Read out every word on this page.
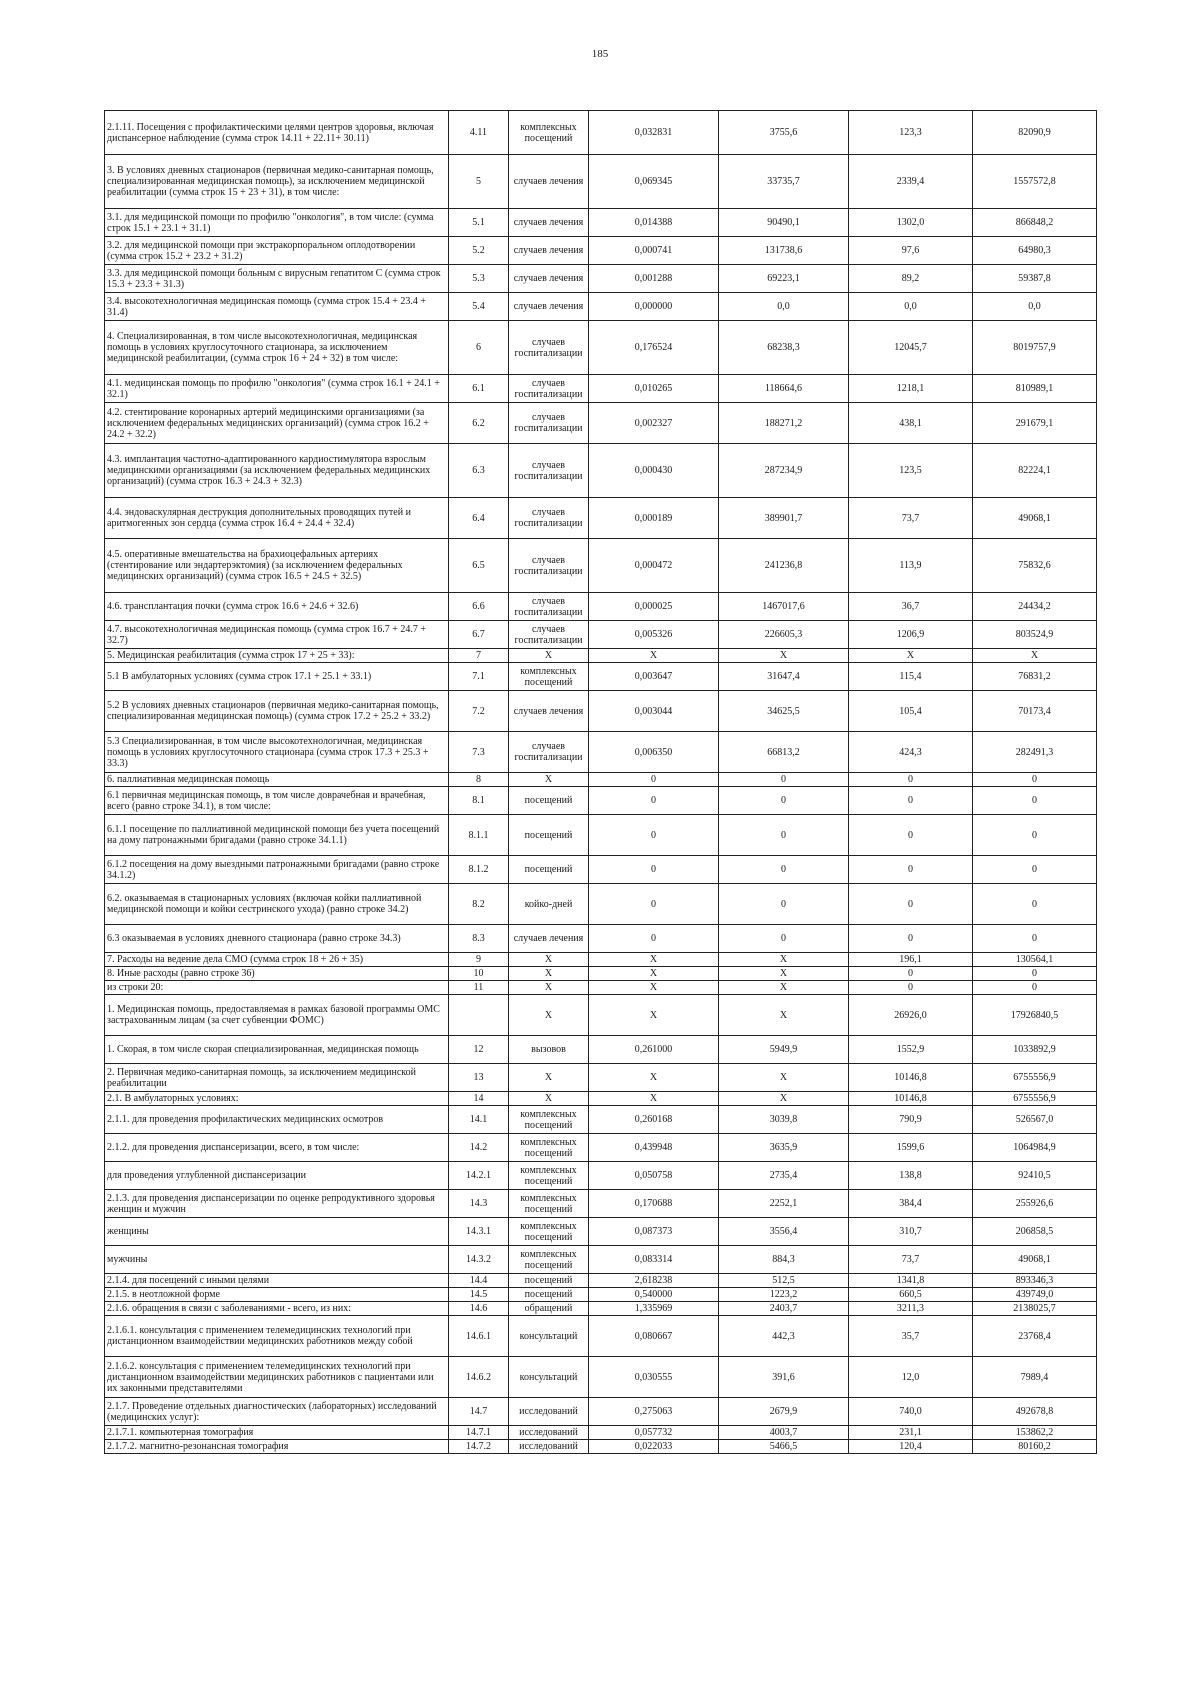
185
2.1.11. Посещения с профилактическими целями центров здоровья, включая диспансерное наблюдение (сумма строк 14.11 + 22.11+ 30.11)	4.11	комплексных посещений	0,032831	3755,6	123,3	82090,9
3. В условиях дневных стационаров (первичная медико-санитарная помощь, специализированная медицинская помощь), за исключением медицинской реабилитации (сумма строк 15 + 23 + 31), в том числе:	5	случаев лечения	0,069345	33735,7	2339,4	1557572,8
3.1. для медицинской помощи по профилю "онкология", в том числе: (сумма строк 15.1 + 23.1 + 31.1)	5.1	случаев лечения	0,014388	90490,1	1302,0	866848,2
3.2. для медицинской помощи при экстракорпоральном оплодотворении (сумма строк 15.2 + 23.2 + 31.2)	5.2	случаев лечения	0,000741	131738,6	97,6	64980,3
3.3. для медицинской помощи больным с вирусным гепатитом С (сумма строк 15.3 + 23.3 + 31.3)	5.3	случаев лечения	0,001288	69223,1	89,2	59387,8
3.4. высокотехнологичная медицинская помощь (сумма строк 15.4 + 23.4 + 31.4)	5.4	случаев лечения	0,000000	0,0	0,0	0,0
4. Специализированная, в том числе высокотехнологичная, медицинская помощь в условиях круглосуточного стационара, за исключением медицинской реабилитации, (сумма строк 16 + 24 + 32) в том числе:	6	случаев госпитализации	0,176524	68238,3	12045,7	8019757,9
4.1. медицинская помощь по профилю "онкология" (сумма строк 16.1 + 24.1 + 32.1)	6.1	случаев госпитализации	0,010265	118664,6	1218,1	810989,1
4.2. стентирование коронарных артерий медицинскими организациями (за исключением федеральных медицинских организаций) (сумма строк 16.2 + 24.2 + 32.2)	6.2	случаев госпитализации	0,002327	188271,2	438,1	291679,1
4.3. имплантация частотно-адаптированного кардиостимулятора взрослым медицинскими организациями (за исключением федеральных медицинских организаций) (сумма строк 16.3 + 24.3 + 32.3)	6.3	случаев госпитализации	0,000430	287234,9	123,5	82224,1
4.4. эндоваскулярная деструкция дополнительных проводящих путей и аритмогенных зон сердца (сумма строк 16.4 + 24.4 + 32.4)	6.4	случаев госпитализации	0,000189	389901,7	73,7	49068,1
4.5. оперативные вмешательства на брахиоцефальных артериях (стентирование или эндартерэктомия) (за исключением федеральных медицинских организаций) (сумма строк 16.5 + 24.5 + 32.5)	6.5	случаев госпитализации	0,000472	241236,8	113,9	75832,6
4.6. трансплантация почки (сумма строк 16.6 + 24.6 + 32.6)	6.6	случаев госпитализации	0,000025	1467017,6	36,7	24434,2
4.7. высокотехнологичная медицинская помощь (сумма строк 16.7 + 24.7 + 32.7)	6.7	случаев госпитализации	0,005326	226605,3	1206,9	803524,9
5. Медицинская реабилитация (сумма строк 17 + 25 + 33):	7	X	X	X	X	X
5.1 В амбулаторных условиях (сумма строк 17.1 + 25.1 + 33.1)	7.1	комплексных посещений	0,003647	31647,4	115,4	76831,2
5.2 В условиях дневных стационаров (первичная медико-санитарная помощь, специализированная медицинская помощь) (сумма строк 17.2 + 25.2 + 33.2)	7.2	случаев лечения	0,003044	34625,5	105,4	70173,4
5.3 Специализированная, в том числе высокотехнологичная, медицинская помощь в условиях круглосуточного стационара (сумма строк 17.3 + 25.3 + 33.3)	7.3	случаев госпитализации	0,006350	66813,2	424,3	282491,3
6. паллиативная медицинская помощь	8	X	0	0	0	0
6.1 первичная медицинская помощь, в том числе доврачебная и врачебная, всего (равно строке 34.1), в том числе:	8.1	посещений	0	0	0	0
6.1.1 посещение по паллиативной медицинской помощи без учета посещений на дому патронажными бригадами (равно строке 34.1.1)	8.1.1	посещений	0	0	0	0
6.1.2 посещения на дому выездными патронажными бригадами (равно строке 34.1.2)	8.1.2	посещений	0	0	0	0
6.2. оказываемая в стационарных условиях (включая койки паллиативной медицинской помощи и койки сестринского ухода) (равно строке 34.2)	8.2	койко-дней	0	0	0	0
6.3 оказываемая в условиях дневного стационара (равно строке 34.3)	8.3	случаев лечения	0	0	0	0
7. Расходы на ведение дела СМО (сумма строк 18 + 26 + 35)	9	X	X	X	196,1	130564,1
8. Иные расходы (равно строке 36)	10	X	X	X	0	0
из строки 20:	11	X	X	X	0	0
1. Медицинская помощь, предоставляемая в рамках базовой программы ОМС застрахованным лицам (за счет субвенции ФОМС)		X	X	X	26926,0	17926840,5
1. Скорая, в том числе скорая специализированная, медицинская помощь	12	вызовов	0,261000	5949,9	1552,9	1033892,9
2. Первичная медико-санитарная помощь, за исключением медицинской реабилитации	13	X	X	X	10146,8	6755556,9
2.1. В амбулаторных условиях:	14	X	X	X	10146,8	6755556,9
2.1.1. для проведения профилактических медицинских осмотров	14.1	комплексных посещений	0,260168	3039,8	790,9	526567,0
2.1.2. для проведения диспансеризации, всего, в том числе:	14.2	комплексных посещений	0,439948	3635,9	1599,6	1064984,9
для проведения углубленной диспансеризации	14.2.1	комплексных посещений	0,050758	2735,4	138,8	92410,5
2.1.3. для проведения диспансеризации по оценке репродуктивного здоровья женщин и мужчин	14.3	комплексных посещений	0,170688	2252,1	384,4	255926,6
женщины	14.3.1	комплексных посещений	0,087373	3556,4	310,7	206858,5
мужчины	14.3.2	комплексных посещений	0,083314	884,3	73,7	49068,1
2.1.4. для посещений с иными целями	14.4	посещений	2,618238	512,5	1341,8	893346,3
2.1.5. в неотложной форме	14.5	посещений	0,540000	1223,2	660,5	439749,0
2.1.6. обращения в связи с заболеваниями - всего, из них:	14.6	обращений	1,335969	2403,7	3211,3	2138025,7
2.1.6.1. консультация с применением телемедицинских технологий при дистанционном взаимодействии медицинских работников между собой	14.6.1	консультаций	0,080667	442,3	35,7	23768,4
2.1.6.2. консультация с применением телемедицинских технологий при дистанционном взаимодействии медицинских работников с пациентами или их законными представителями	14.6.2	консультаций	0,030555	391,6	12,0	7989,4
2.1.7. Проведение отдельных диагностических (лабораторных) исследований (медицинских услуг):	14.7	исследований	0,275063	2679,9	740,0	492678,8
2.1.7.1. компьютерная томография	14.7.1	исследований	0,057732	4003,7	231,1	153862,2
2.1.7.2. магнитно-резонансная томография	14.7.2	исследований	0,022033	5466,5	120,4	80160,2
